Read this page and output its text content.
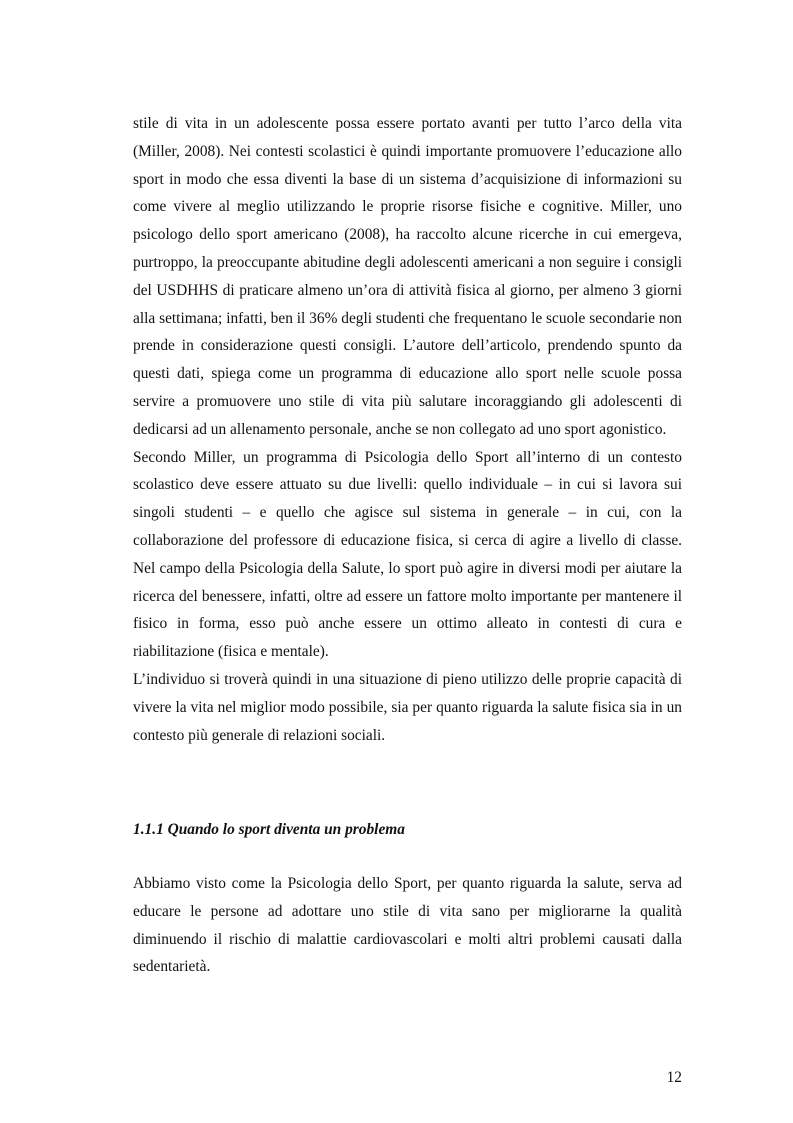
stile di vita in un adolescente possa essere portato avanti per tutto l’arco della vita (Miller, 2008). Nei contesti scolastici è quindi importante promuovere l’educazione allo sport in modo che essa diventi la base di un sistema d’acquisizione di informazioni su come vivere al meglio utilizzando le proprie risorse fisiche e cognitive. Miller, uno psicologo dello sport americano (2008), ha raccolto alcune ricerche in cui emergeva, purtroppo, la preoccupante abitudine degli adolescenti americani a non seguire i consigli del USDHHS di praticare almeno un’ora di attività fisica al giorno, per almeno 3 giorni alla settimana; infatti, ben il 36% degli studenti che frequentano le scuole secondarie non prende in considerazione questi consigli. L’autore dell’articolo, prendendo spunto da questi dati, spiega come un programma di educazione allo sport nelle scuole possa servire a promuovere uno stile di vita più salutare incoraggiando gli adolescenti di dedicarsi ad un allenamento personale, anche se non collegato ad uno sport agonistico.

Secondo Miller, un programma di Psicologia dello Sport all’interno di un contesto scolastico deve essere attuato su due livelli: quello individuale – in cui si lavora sui singoli studenti – e quello che agisce sul sistema in generale – in cui, con la collaborazione del professore di educazione fisica, si cerca di agire a livello di classe. Nel campo della Psicologia della Salute, lo sport può agire in diversi modi per aiutare la ricerca del benessere, infatti, oltre ad essere un fattore molto importante per mantenere il fisico in forma, esso può anche essere un ottimo alleato in contesti di cura e riabilitazione (fisica e mentale).

L’individuo si troverà quindi in una situazione di pieno utilizzo delle proprie capacità di vivere la vita nel miglior modo possibile, sia per quanto riguarda la salute fisica sia in un contesto più generale di relazioni sociali.

1.1.1 Quando lo sport diventa un problema

Abbiamo visto come la Psicologia dello Sport, per quanto riguarda la salute, serva ad educare le persone ad adottare uno stile di vita sano per migliorarne la qualità diminuendo il rischio di malattie cardiovascolari e molti altri problemi causati dalla sedentarietà.

12
